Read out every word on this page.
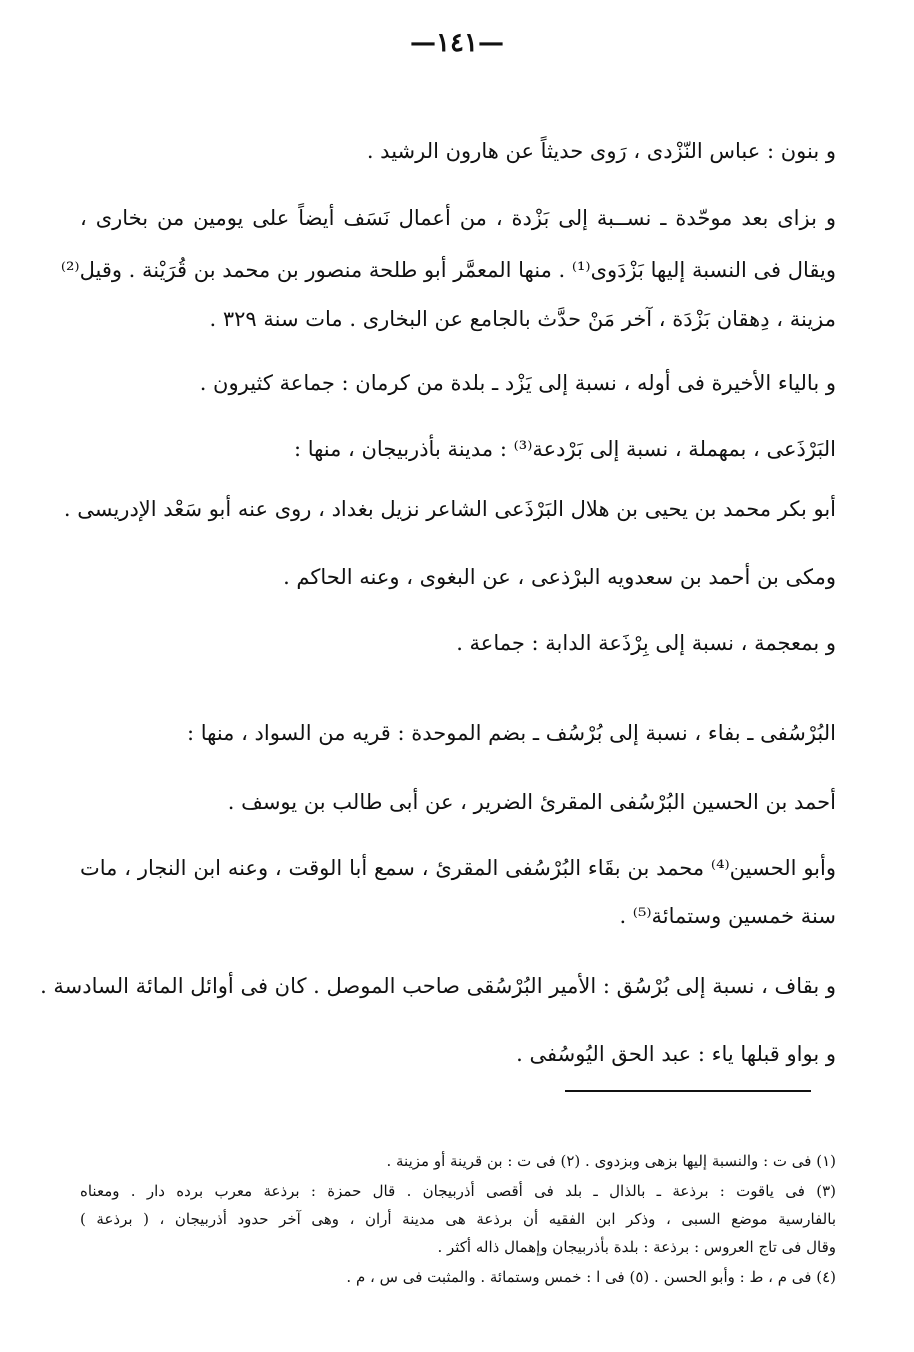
—١٤١—
و بنون : عباس النّزْدى ، رَوى حديثاً عن هارون الرشيد .
و بزاى بعد موحّدة ـ نســبة إلى بَزْدة ، من أعمال نَسَف أيضاً على يومين من بخارى ،
ويقال فى النسبة إليها بَزْدَوى⁽¹⁾ . منها المعمَّر أبو طلحة منصور بن محمد بن قُرَيْنة . وقيل⁽²⁾
مزينة ، دِهقان بَزْدَة ، آخر مَنْ حدَّث بالجامع عن البخارى . مات سنة ٣٢٩ .
و بالياء الأخيرة فى أوله ، نسبة إلى يَزْد ـ بلدة من كرمان : جماعة كثيرون .
البَرْذَعى ، بمهملة ، نسبة إلى بَرْدعة⁽³⁾ : مدينة بأذربيجان ، منها :
أبو بكر محمد بن يحيى بن هلال البَرْذَعى الشاعر نزيل بغداد ، روى عنه أبو سَعْد الإدريسى .
ومكى بن أحمد بن سعدويه البرْذعى ، عن البغوى ، وعنه الحاكم .
و بمعجمة ، نسبة إلى بِرْذَعة الدابة : جماعة .
البُرْسُفى ـ بفاء ، نسبة إلى بُرْسُف ـ بضم الموحدة : قريه من السواد ، منها :
أحمد بن الحسين البُرْسُفى المقرئ الضرير ، عن أبى طالب بن يوسف .
وأبو الحسين⁽⁴⁾ محمد بن بقَاء البُرْسُفى المقرئ ، سمع أبا الوقت ، وعنه ابن النجار ، مات
سنة خمسين وستمائة⁽⁵⁾ .
و بقاف ، نسبة إلى بُرْسُق : الأمير البُرْسُقى صاحب الموصل . كان فى أوائل المائة السادسة .
و بواو قبلها ياء : عبد الحق اليُوسُفى .
(١) فى ت : والنسبة إليها بزهى وبزدوى . (٢) فى ت : بن قرينة أو مزينة .
(٣) فى ياقوت : برذعة ـ بالذال ـ بلد فى أقصى أذربيجان . قال حمزة : برذعة معرب برده دار . ومعناه
بالفارسية موضع السبى ، وذكر ابن الفقيه أن برذعة هى مدينة أران ، وهى آخر حدود أذربيجان ، ( برذعة )
وقال فى تاج العروس : برذعة : بلدة بأذربيجان وإهمال ذاله أكثر .
(٤) فى م ، ط : وأبو الحسن . (٥) فى ا : خمس وستمائة . والمثبت فى س ، م .
